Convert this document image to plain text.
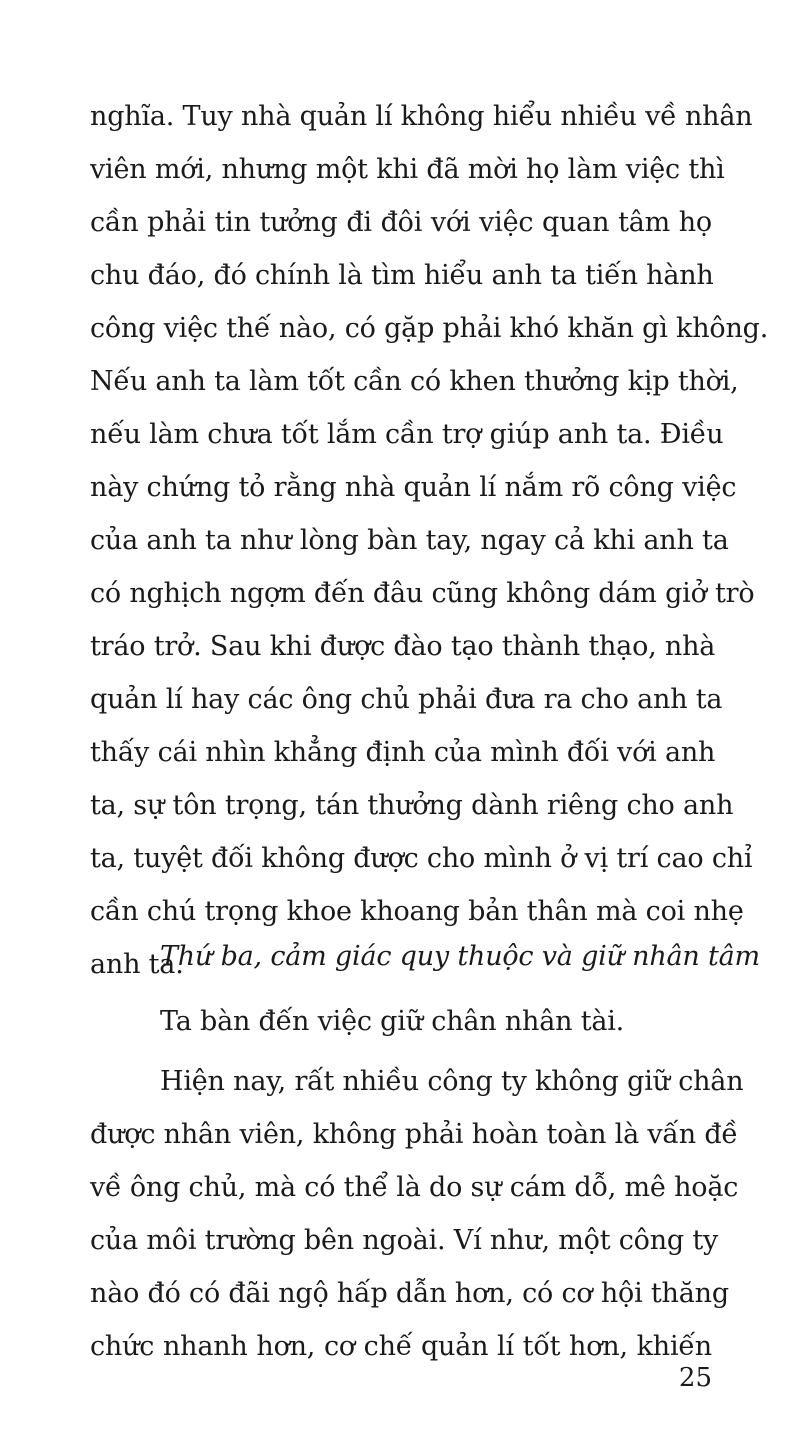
nghĩa. Tuy nhà quản lí không hiểu nhiều về nhân
viên mới, nhưng một khi đã mời họ làm việc thì
cần phải tin tưởng đi đôi với việc quan tâm họ
chu đáo, đó chính là tìm hiểu anh ta tiến hành
công việc thế nào, có gặp phải khó khăn gì không.
Nếu anh ta làm tốt cần có khen thưởng kịp thời,
nếu làm chưa tốt lắm cần trợ giúp anh ta. Điều
này chứng tỏ rằng nhà quản lí nắm rõ công việc
của anh ta như lòng bàn tay, ngay cả khi anh ta
có nghịch ngợm đến đâu cũng không dám giở trò
tráo trở. Sau khi được đào tạo thành thạo, nhà
quản lí hay các ông chủ phải đưa ra cho anh ta
thấy cái nhìn khẳng định của mình đối với anh
ta, sự tôn trọng, tán thưởng dành riêng cho anh
ta, tuyệt đối không được cho mình ở vị trí cao chỉ
cần chú trọng khoe khoang bản thân mà coi nhẹ
anh ta.
Thứ ba, cảm giác quy thuộc và giữ nhân tâm
Ta bàn đến việc giữ chân nhân tài.
Hiện nay, rất nhiều công ty không giữ chân
được nhân viên, không phải hoàn toàn là vấn đề
về ông chủ, mà có thể là do sự cám dỗ, mê hoặc
của môi trường bên ngoài. Ví như, một công ty
nào đó có đãi ngộ hấp dẫn hơn, có cơ hội thăng
chức nhanh hơn, cơ chế quản lí tốt hơn, khiến
25
